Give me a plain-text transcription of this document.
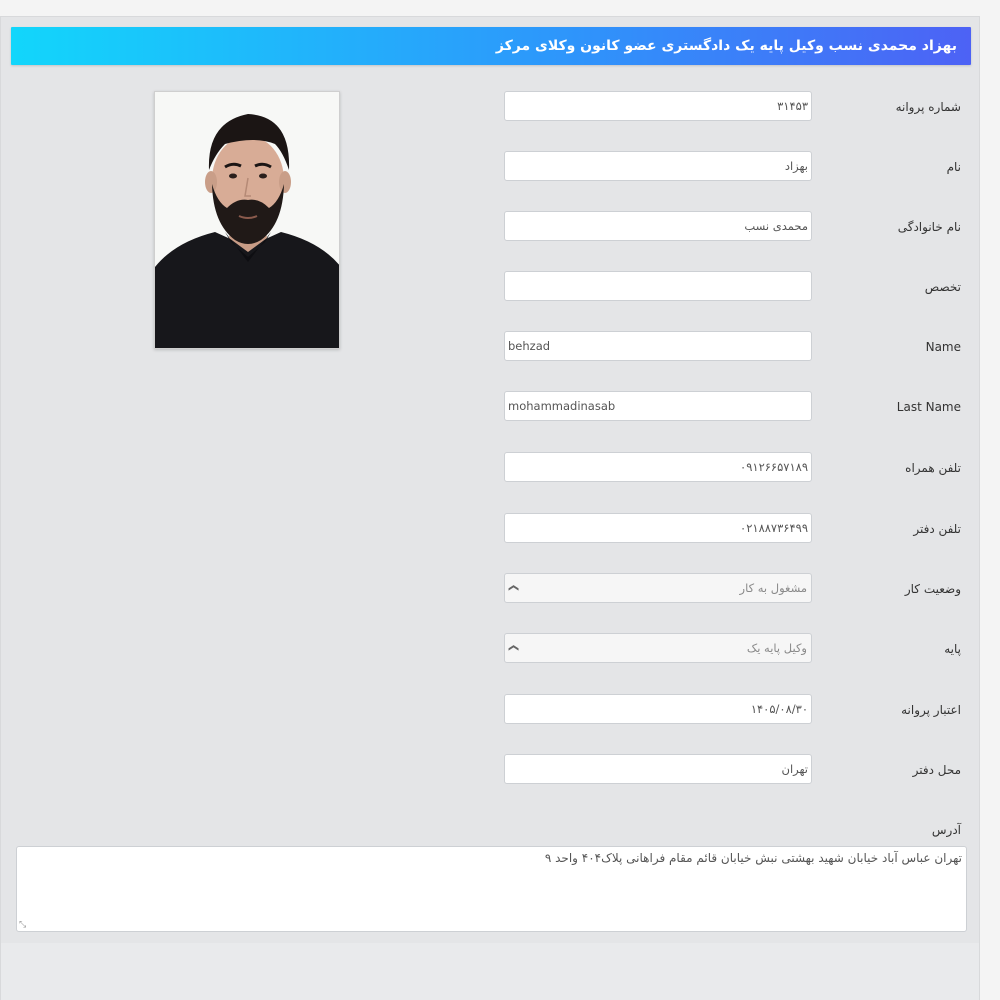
بهزاد محمدی نسب وکیل پایه یک دادگستری عضو کانون وکلای مرکز
شماره پروانه
۳۱۴۵۳
نام
بهزاد
نام خانوادگی
محمدی نسب
تخصص
Name
behzad
Last Name
mohammadinasab
تلفن همراه
۰۹۱۲۶۶۵۷۱۸۹
تلفن دفتر
۰۲۱۸۸۷۳۶۴۹۹
وضعیت کار
مشغول به کار
❯
پایه
وکیل پایه یک
❯
اعتبار پروانه
۱۴۰۵/۰۸/۳۰
محل دفتر
تهران
آدرس
تهران عباس آباد خیابان شهید بهشتی نبش خیابان قائم مقام فراهانی پلاک۴۰۴ واحد ۹
⤡
